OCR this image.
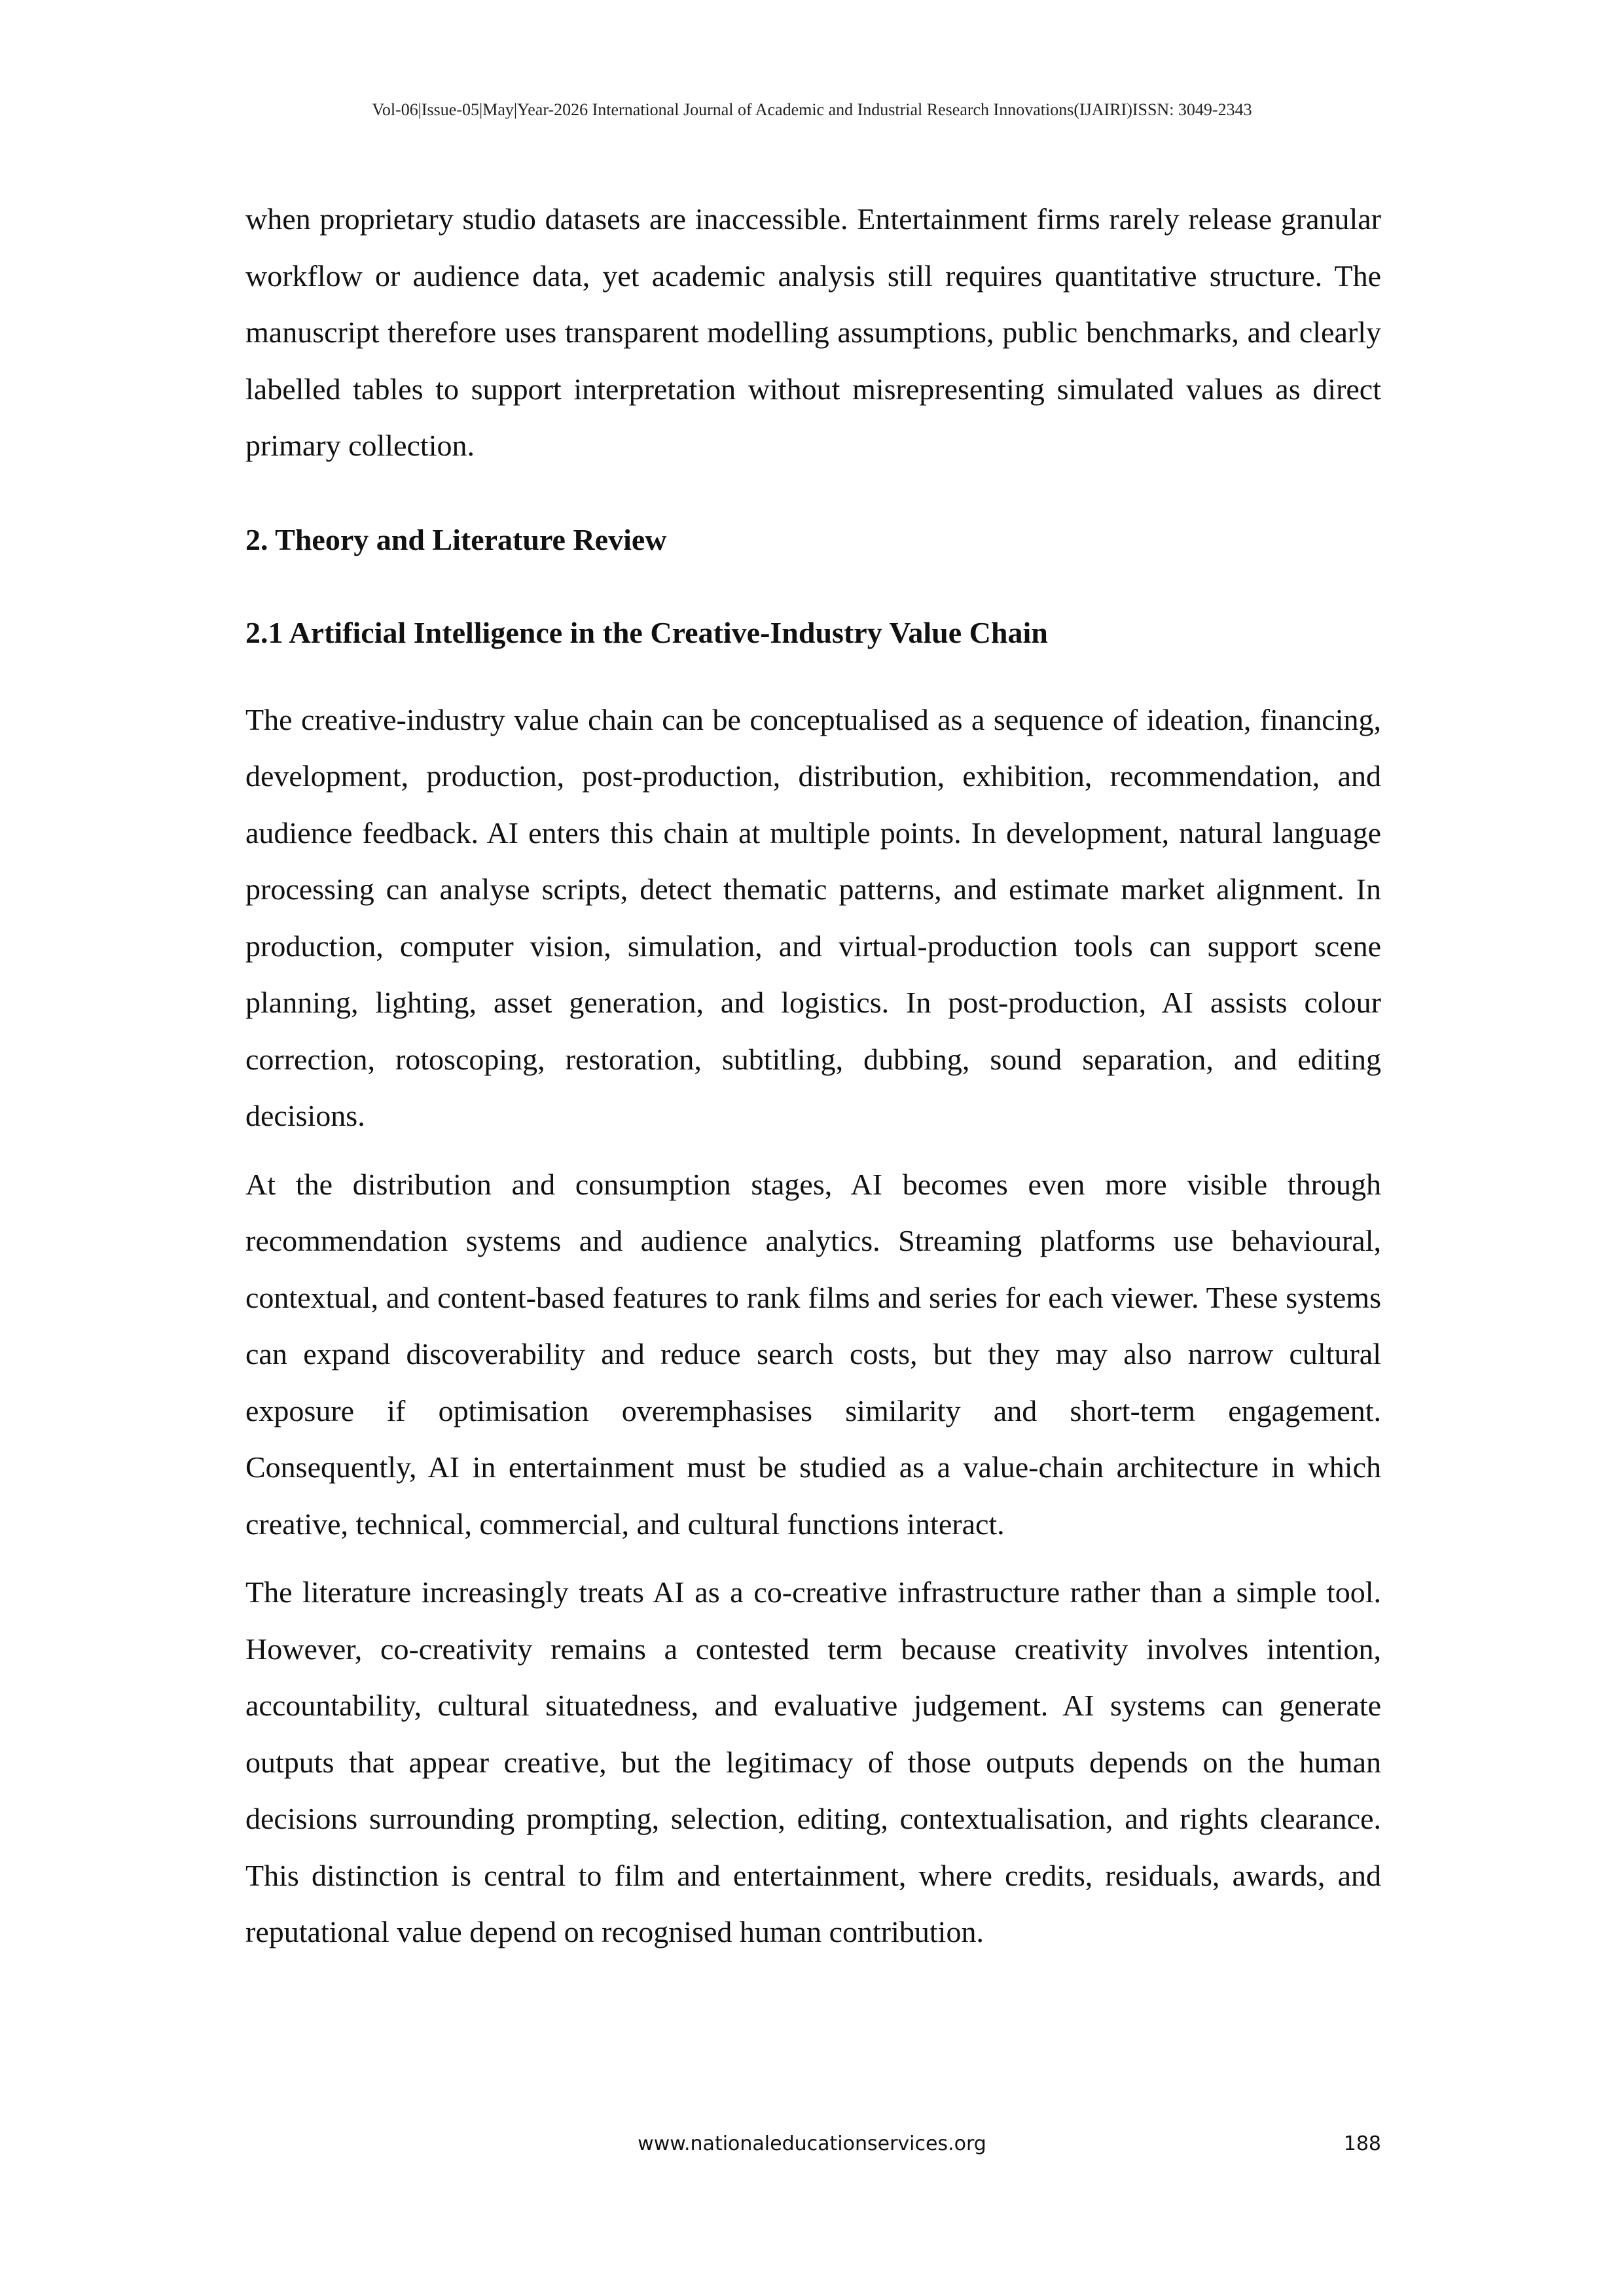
Vol-06|Issue-05|May|Year-2026 International Journal of Academic and Industrial Research Innovations(IJAIRI)ISSN: 3049-2343

when proprietary studio datasets are inaccessible. Entertainment firms rarely release granular workflow or audience data, yet academic analysis still requires quantitative structure. The manuscript therefore uses transparent modelling assumptions, public benchmarks, and clearly labelled tables to support interpretation without misrepresenting simulated values as direct primary collection.

2. Theory and Literature Review
2.1 Artificial Intelligence in the Creative-Industry Value Chain

The creative-industry value chain can be conceptualised as a sequence of ideation, financing, development, production, post-production, distribution, exhibition, recommendation, and audience feedback. AI enters this chain at multiple points. In development, natural language processing can analyse scripts, detect thematic patterns, and estimate market alignment. In production, computer vision, simulation, and virtual-production tools can support scene planning, lighting, asset generation, and logistics. In post-production, AI assists colour correction, rotoscoping, restoration, subtitling, dubbing, sound separation, and editing decisions.

At the distribution and consumption stages, AI becomes even more visible through recommendation systems and audience analytics. Streaming platforms use behavioural, contextual, and content-based features to rank films and series for each viewer. These systems can expand discoverability and reduce search costs, but they may also narrow cultural exposure if optimisation overemphasises similarity and short-term engagement. Consequently, AI in entertainment must be studied as a value-chain architecture in which creative, technical, commercial, and cultural functions interact.

The literature increasingly treats AI as a co-creative infrastructure rather than a simple tool. However, co-creativity remains a contested term because creativity involves intention, accountability, cultural situatedness, and evaluative judgement. AI systems can generate outputs that appear creative, but the legitimacy of those outputs depends on the human decisions surrounding prompting, selection, editing, contextualisation, and rights clearance. This distinction is central to film and entertainment, where credits, residuals, awards, and reputational value depend on recognised human contribution.

www.nationaleducationservices.org	188
